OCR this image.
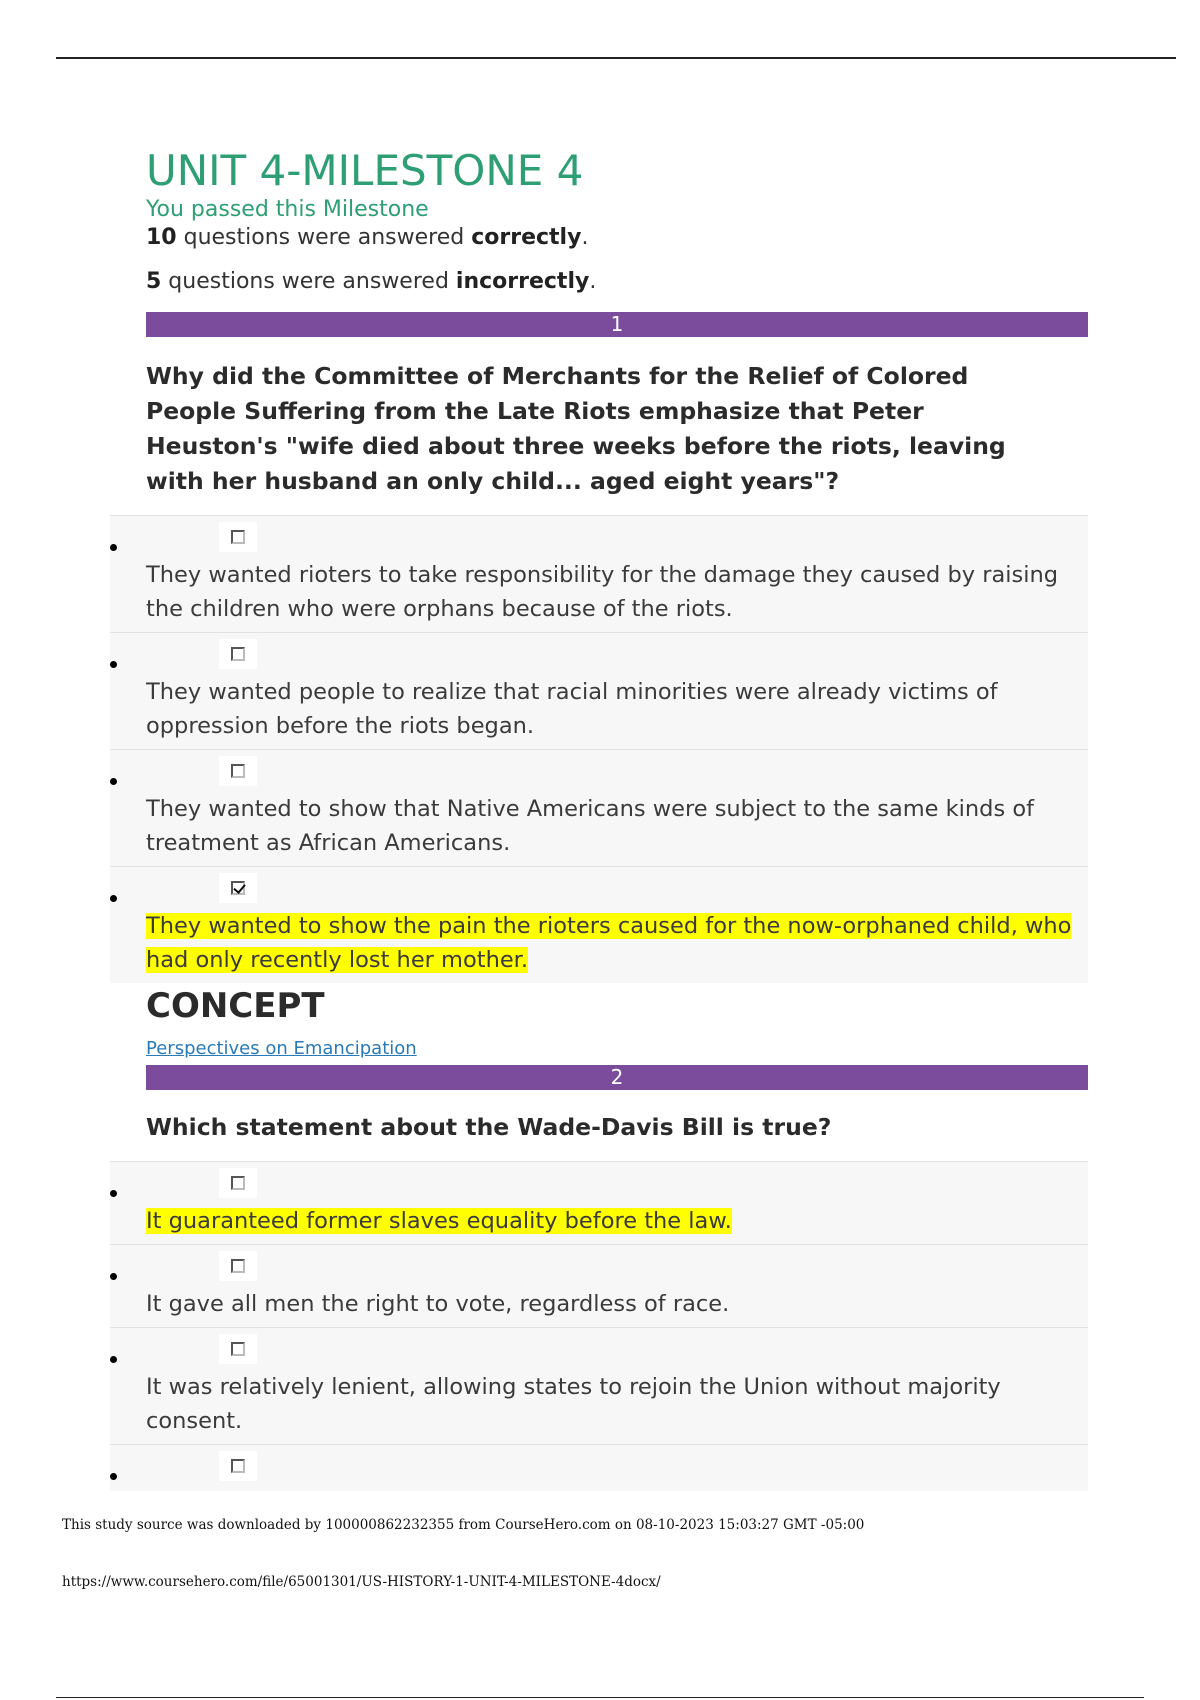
UNIT 4-MILESTONE 4

You passed this Milestone

10 questions were answered correctly.

5 questions were answered incorrectly.

1
Why did the Committee of Merchants for the Relief of Colored People Suffering from the Late Riots emphasize that Peter Heuston's "wife died about three weeks before the riots, leaving with her husband an only child... aged eight years"?
They wanted rioters to take responsibility for the damage they caused by raising the children who were orphans because of the riots.
They wanted people to realize that racial minorities were already victims of oppression before the riots began.
They wanted to show that Native Americans were subject to the same kinds of treatment as African Americans.
They wanted to show the pain the rioters caused for the now-orphaned child, who had only recently lost her mother.
CONCEPT
Perspectives on Emancipation
2
Which statement about the Wade-Davis Bill is true?
It guaranteed former slaves equality before the law.
It gave all men the right to vote, regardless of race.
It was relatively lenient, allowing states to rejoin the Union without majority consent.
This study source was downloaded by 100000862232355 from CourseHero.com on 08-10-2023 15:03:27 GMT -05:00
https://www.coursehero.com/file/65001301/US-HISTORY-1-UNIT-4-MILESTONE-4docx/
